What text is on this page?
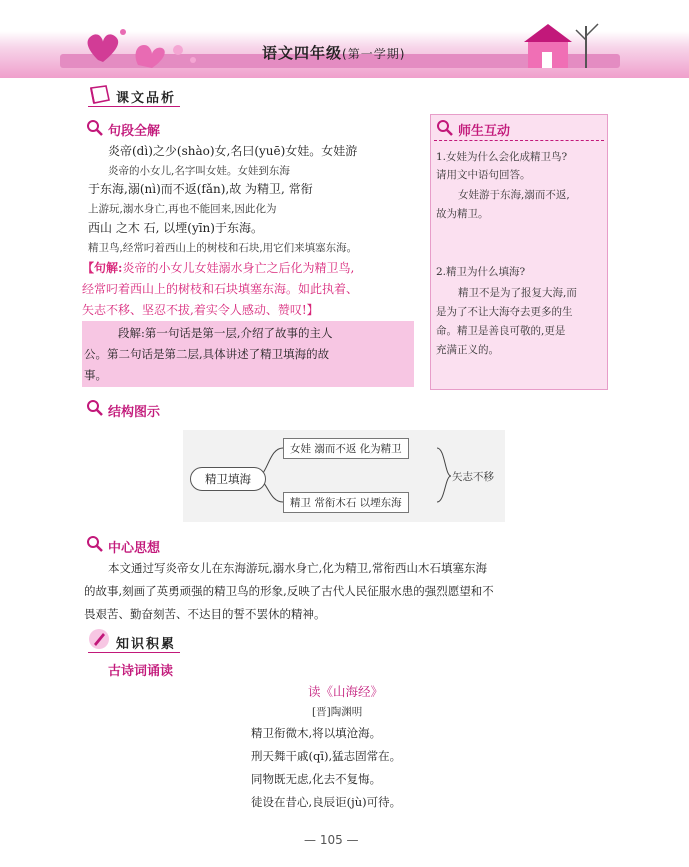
语文四年级(第一学期)
课文品析
句段全解
炎帝(dì)之少(shào)女,名曰(yuē)女娃。女娃游
炎帝的小女儿,名字叫女娃。女娃到东海
于东海,溺(nì)而不返(fǎn),故 为精卫, 常衔
上游玩,溺水身亡,再也不能回来,因此化为
西山 之木 石, 以堙(yīn)于东海。
精卫鸟,经常叼着西山上的树枝和石块,用它们来填塞东海。
【句解:炎帝的小女儿女娃溺水身亡之后化为精卫鸟,
经常叼着西山上的树枝和石块填塞东海。如此执着、
矢志不移、坚忍不拔,着实令人感动、赞叹!】
段解:第一句话是第一层,介绍了故事的主人
公。第二句话是第二层,具体讲述了精卫填海的故
事。
师生互动
1.女娃为什么会化成精卫鸟?
请用文中语句回答。
女娃游于东海,溺而不返,
故为精卫。
2.精卫为什么填海?
精卫不是为了报复大海,而
是为了不让大海夺去更多的生
命。精卫是善良可敬的,更是
充满正义的。
结构图示
精卫填海
女娃 溺而不返 化为精卫
精卫 常衔木石 以堙东海
矢志不移
中心思想
本文通过写炎帝女儿在东海游玩,溺水身亡,化为精卫,常衔西山木石填塞东海
的故事,刻画了英勇顽强的精卫鸟的形象,反映了古代人民征服水患的强烈愿望和不
畏艰苦、勤奋刻苦、不达目的誓不罢休的精神。
知识积累
古诗词诵读
读《山海经》
[晋]陶渊明
精卫衔微木,将以填沧海。
刑天舞干戚(qī),猛志固常在。
同物既无虑,化去不复悔。
徒设在昔心,良辰讵(jù)可待。
— 105 —
